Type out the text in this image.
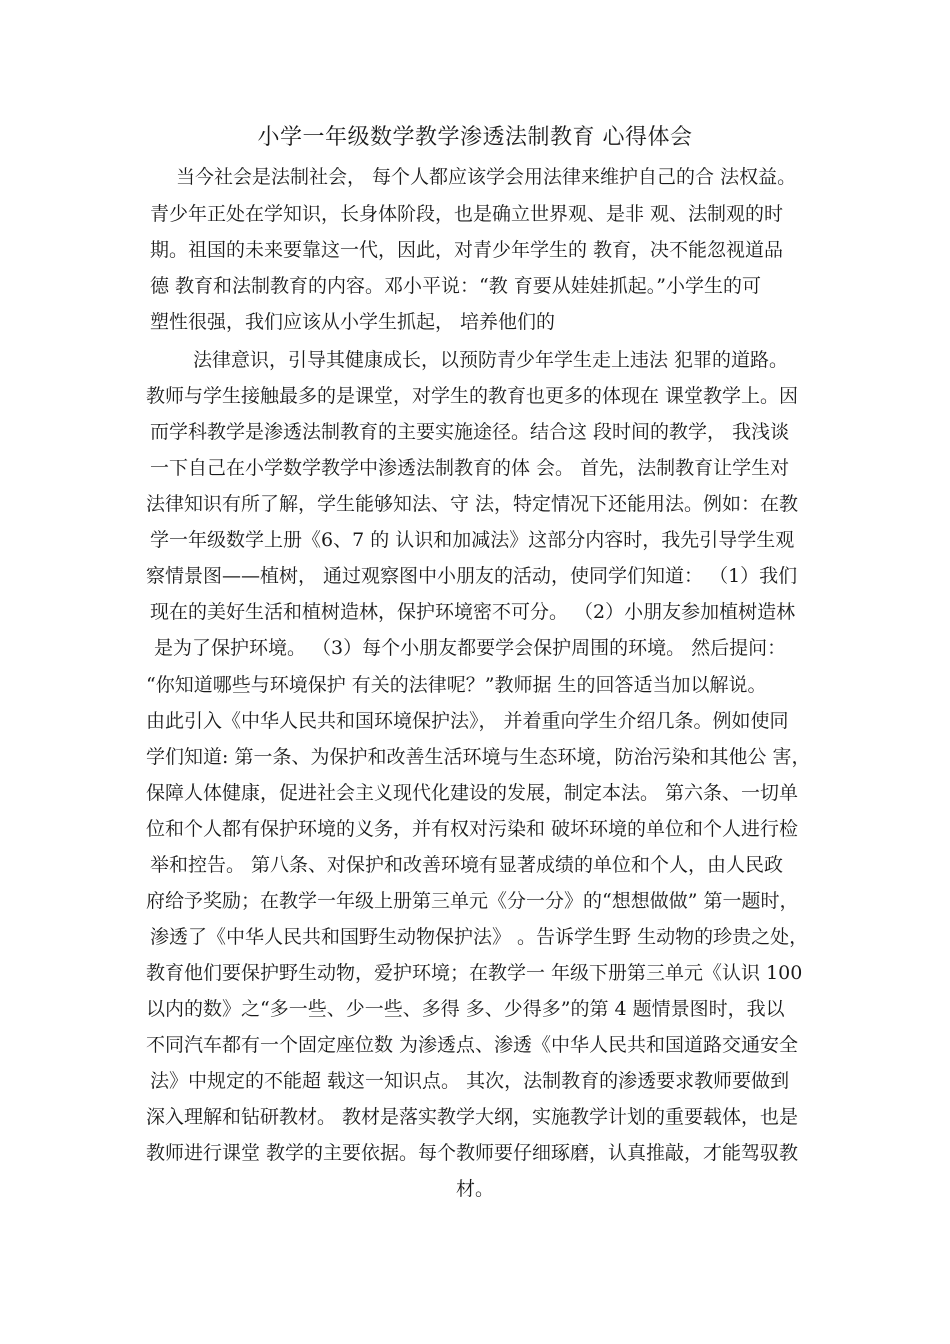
小学一年级数学教学渗透法制教育 心得体会
当今社会是法制社会， 每个人都应该学会用法律来维护自己的合 法权益。
青少年正处在学知识，长身体阶段，也是确立世界观、是非 观、法制观的时
期。祖国的未来要靠这一代，因此，对青少年学生的 教育，决不能忽视道品
德 教育和法制教育的内容。邓小平说：“教 育要从娃娃抓起。”小学生的可
塑性很强，我们应该从小学生抓起， 培养他们的
法律意识，引导其健康成长，以预防青少年学生走上违法 犯罪的道路。
教师与学生接触最多的是课堂，对学生的教育也更多的体现在 课堂教学上。因
而学科教学是渗透法制教育的主要实施途径。结合这 段时间的教学， 我浅谈
一下自己在小学数学教学中渗透法制教育的体 会。 首先，法制教育让学生对
法律知识有所了解，学生能够知法、守 法，特定情况下还能用法。例如：在教
学一年级数学上册《6、7 的 认识和加减法》这部分内容时，我先引导学生观
察情景图——植树， 通过观察图中小朋友的活动，使同学们知道： （1）我们
现在的美好生活和植树造林，保护环境密不可分。 （2）小朋友参加植树造林
是为了保护环境。 （3）每个小朋友都要学会保护周围的环境。 然后提问：
“你知道哪些与环境保护 有关的法律呢？”教师据 生的回答适当加以解说。
由此引入《中华人民共和国环境保护法》， 并着重向学生介绍几条。例如使同
学们知道: 第一条、为保护和改善生活环境与生态环境，防治污染和其他公 害，
保障人体健康，促进社会主义现代化建设的发展，制定本法。 第六条、一切单
位和个人都有保护环境的义务，并有权对污染和 破坏环境的单位和个人进行检
举和控告。 第八条、对保护和改善环境有显著成绩的单位和个人，由人民政
府给予奖励；在教学一年级上册第三单元《分一分》的“想想做做” 第一题时，
渗透了《中华人民共和国野生动物保护法》 。告诉学生野 生动物的珍贵之处，
教育他们要保护野生动物，爱护环境；在教学一 年级下册第三单元《认识 100
以内的数》之“多一些、少一些、多得 多、少得多”的第 4 题情景图时，我以
不同汽车都有一个固定座位数 为渗透点、渗透《中华人民共和国道路交通安全
法》中规定的不能超 载这一知识点。 其次，法制教育的渗透要求教师要做到
深入理解和钻研教材。 教材是落实教学大纲，实施教学计划的重要载体，也是
教师进行课堂 教学的主要依据。每个教师要仔细琢磨，认真推敲，才能驾驭教
材。
